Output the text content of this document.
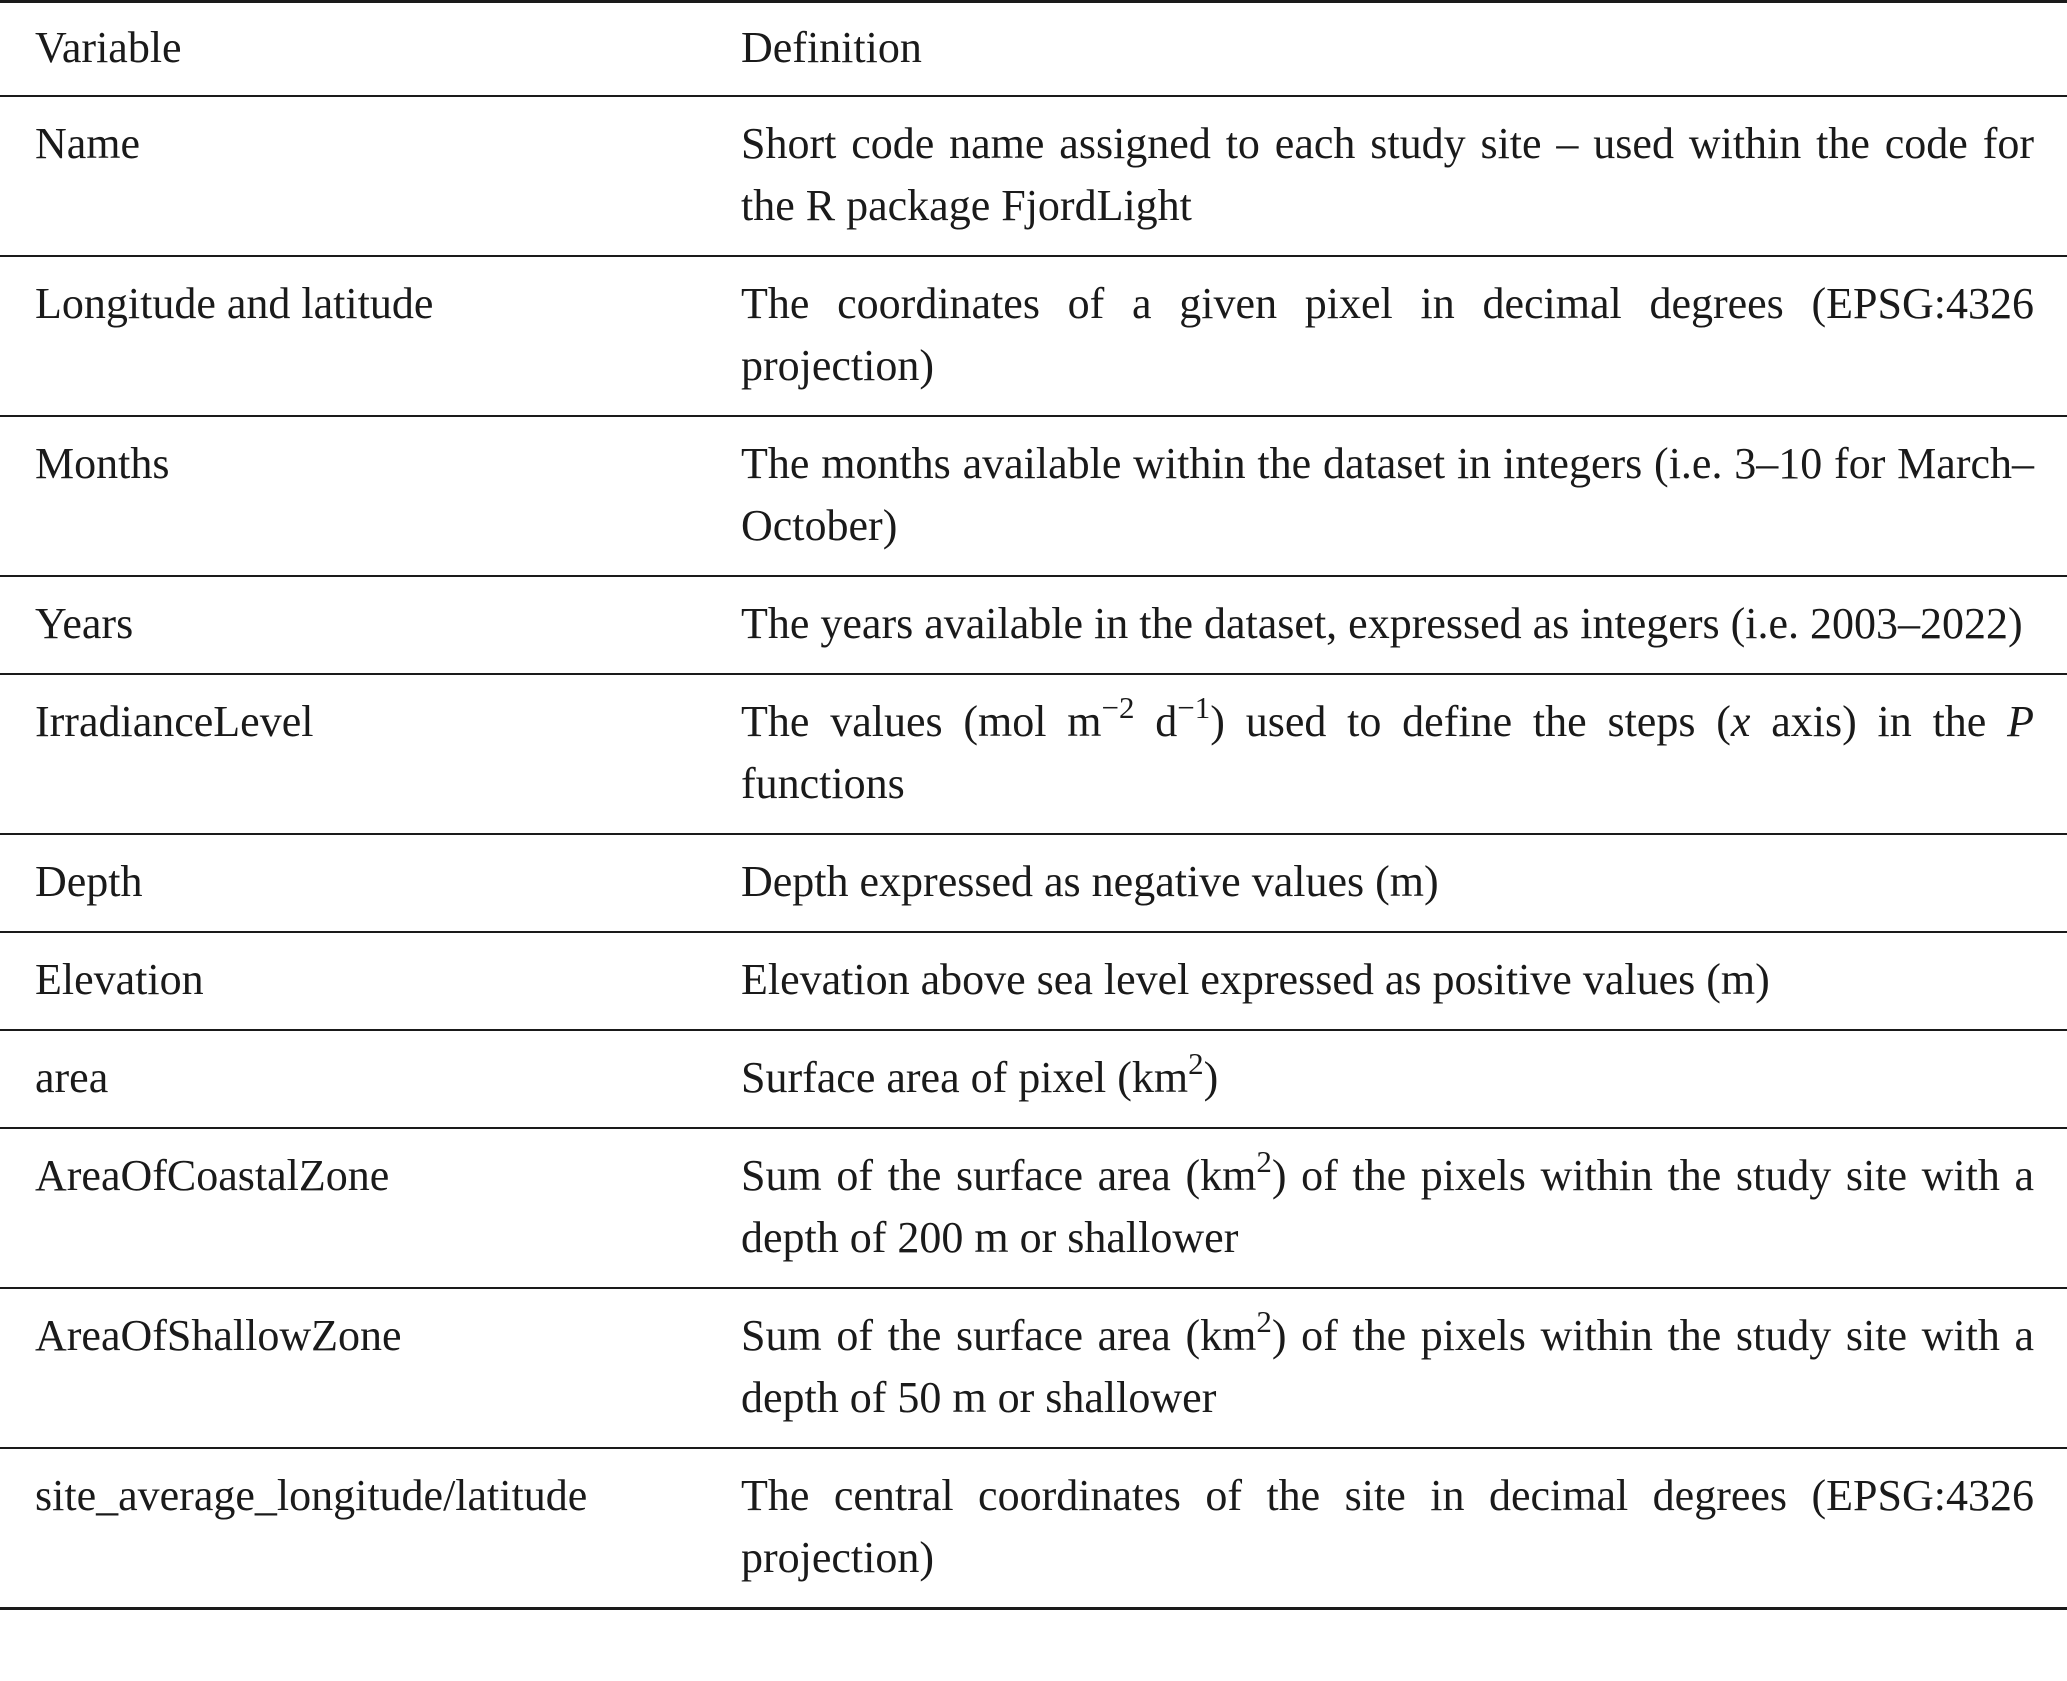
Variable	Definition
Name	Short code name assigned to each study site – used within the code for the R package FjordLight
Longitude and latitude	The coordinates of a given pixel in decimal degrees (EPSG:4326 projection)
Months	The months available within the dataset in integers (i.e. 3–10 for March–October)
Years	The years available in the dataset, expressed as integers (i.e. 2003–2022)
IrradianceLevel	The values (mol $m^{-2}$ $d^{-1}$) used to define the steps (x axis) in the P functions
Depth	Depth expressed as negative values (m)
Elevation	Elevation above sea level expressed as positive values (m)
area	Surface area of pixel $(km^2)$
AreaOfCoastalZone	Sum of the surface area $(km^2)$ of the pixels within the study site with a depth of 200 m or shallower
AreaOfShallowZone	Sum of the surface area $(km^2)$ of the pixels within the study site with a depth of 50 m or shallower
site_average_longitude/latitude	The central coordinates of the site in decimal degrees (EPSG:4326 projection)
